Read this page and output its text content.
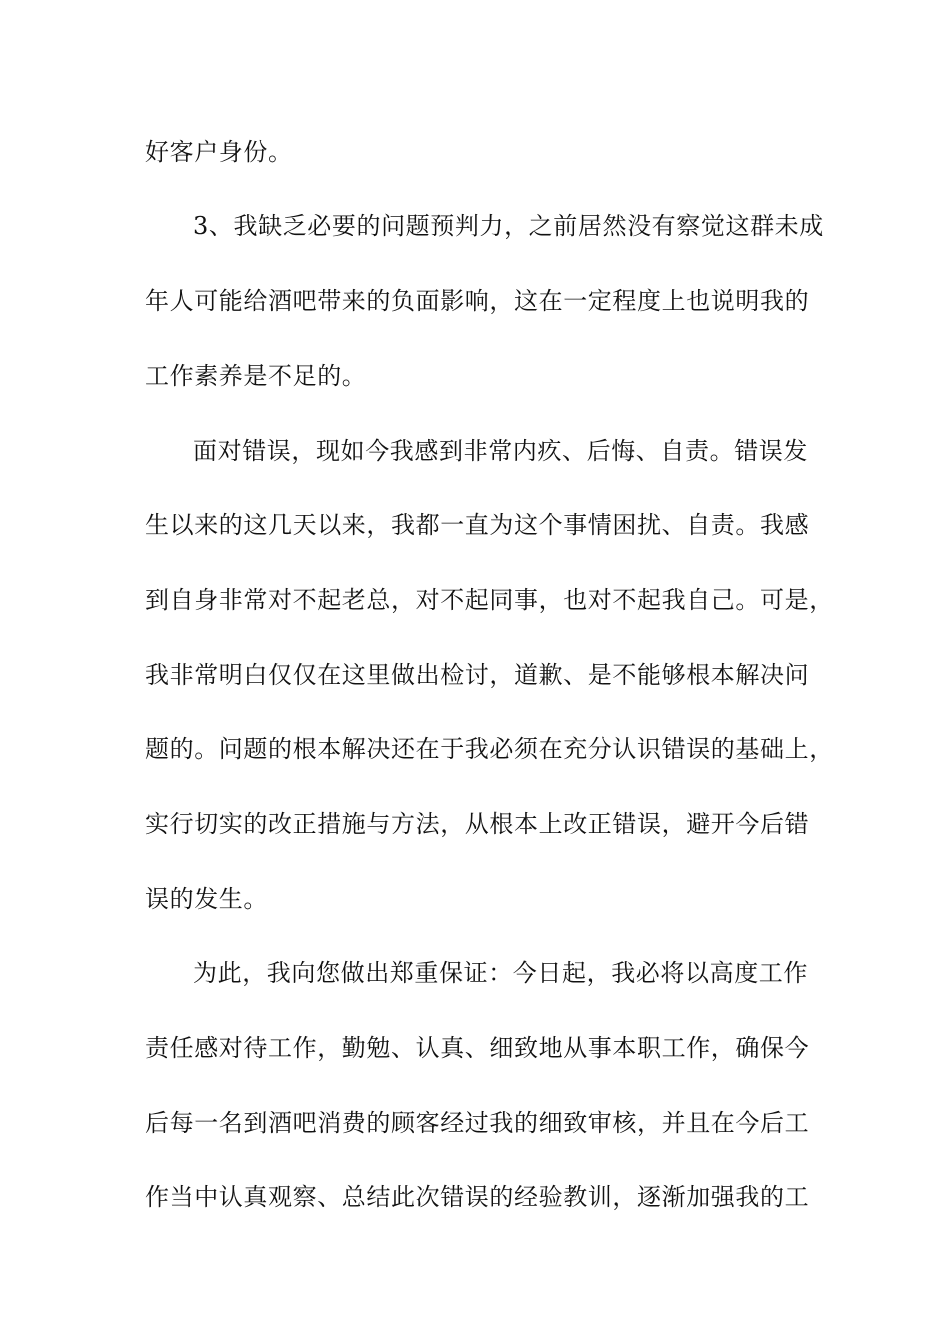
好客户身份。
3、我缺乏必要的问题预判力，之前居然没有察觉这群未成
年人可能给酒吧带来的负面影响，这在一定程度上也说明我的
工作素养是不足的。
面对错误，现如今我感到非常内疚、后悔、自责。错误发
生以来的这几天以来，我都一直为这个事情困扰、自责。我感
到自身非常对不起老总，对不起同事，也对不起我自己。可是，
我非常明白仅仅在这里做出检讨，道歉、是不能够根本解决问
题的。问题的根本解决还在于我必须在充分认识错误的基础上，
实行切实的改正措施与方法，从根本上改正错误，避开今后错
误的发生。
为此，我向您做出郑重保证：今日起，我必将以高度工作
责任感对待工作，勤勉、认真、细致地从事本职工作，确保今
后每一名到酒吧消费的顾客经过我的细致审核，并且在今后工
作当中认真观察、总结此次错误的经验教训，逐渐加强我的工
